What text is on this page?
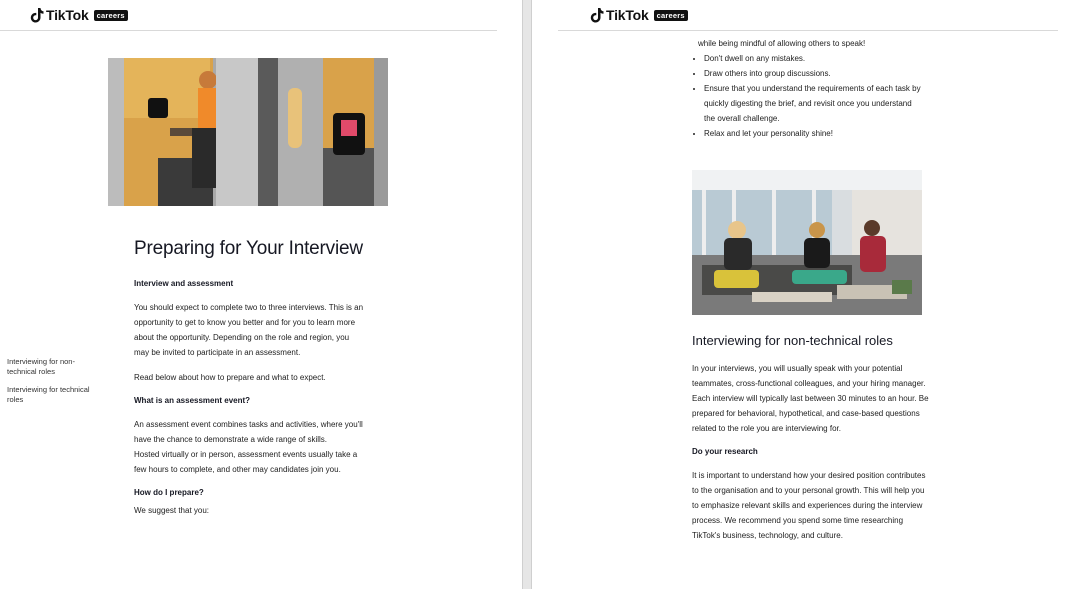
TikTok	careers
Interviewing for non-technical roles
Interviewing for technical roles
Preparing for Your Interview
Interview and assessment

You should expect to complete two to three interviews. This is an opportunity to get to know you better and for you to learn more about the opportunity. Depending on the role and region, you may be invited to participate in an assessment.

Read below about how to prepare and what to expect.

What is an assessment event?

An assessment event combines tasks and activities, where you'll have the chance to demonstrate a wide range of skills.

Hosted virtually or in person, assessment events usually take a few hours to complete, and other may candidates join you.

How do I prepare?

We suggest that you:

TikTok	careers

while being mindful of allowing others to speak!

• Don't dwell on any mistakes.
• Draw others into group discussions.
• Ensure that you understand the requirements of each task by quickly digesting the brief, and revisit once you understand the overall challenge.
• Relax and let your personality shine!
Interviewing for non-technical roles

In your interviews, you will usually speak with your potential teammates, cross-functional colleagues, and your hiring manager. Each interview will typically last between 30 minutes to an hour. Be prepared for behavioral, hypothetical, and case-based questions related to the role you are interviewing for.

Do your research

It is important to understand how your desired position contributes to the organisation and to your personal growth. This will help you to emphasize relevant skills and experiences during the interview process. We recommend you spend some time researching TikTok's business, technology, and culture.
